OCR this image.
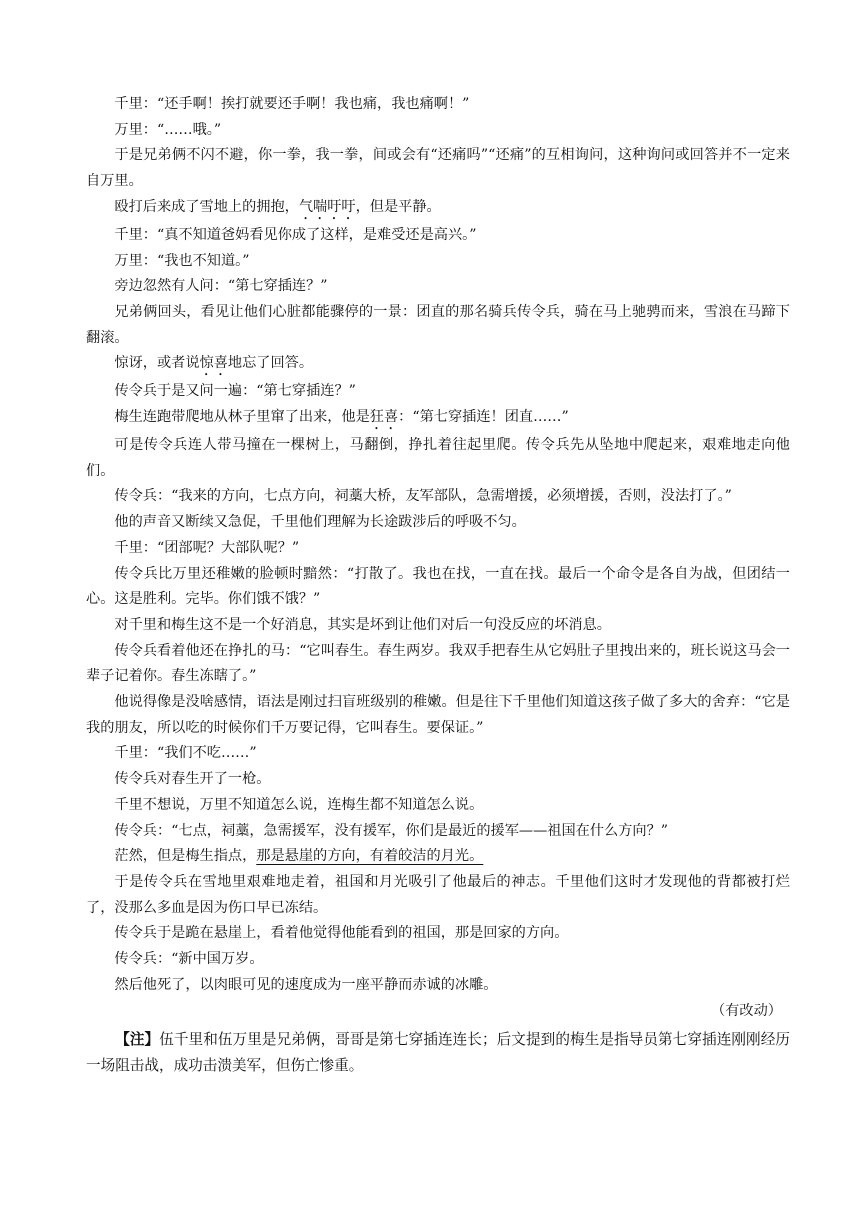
千里：“还手啊！挨打就要还手啊！我也痛，我也痛啊！”

万里：“……哦。”

于是兄弟俩不闪不避，你一拳，我一拳，间或会有“还痛吗”“还痛”的互相询问，这种询问或回答并不一定来自万里。

殴打后来成了雪地上的拥抱，气喘吁吁，但是平静。

千里：“真不知道爸妈看见你成了这样，是难受还是高兴。”

万里：“我也不知道。”

旁边忽然有人问：“第七穿插连？”

兄弟俩回头，看见让他们心脏都能骤停的一景：团直的那名骑兵传令兵，骑在马上驰骋而来，雪浪在马蹄下翻滚。

惊讶，或者说惊喜地忘了回答。

传令兵于是又问一遍：“第七穿插连？”

梅生连跑带爬地从林子里窜了出来，他是狂喜：“第七穿插连！团直……”

可是传令兵连人带马撞在一棵树上，马翻倒，挣扎着往起里爬。传令兵先从坠地中爬起来，艰难地走向他们。

传令兵：“我来的方向，七点方向，祠藁大桥，友军部队，急需增援，必须增援，否则，没法打了。”

他的声音又断续又急促，千里他们理解为长途跋涉后的呼吸不匀。

千里：“团部呢？大部队呢？”

传令兵比万里还稚嫩的脸顿时黯然：“打散了。我也在找，一直在找。最后一个命令是各自为战，但团结一心。这是胜利。完毕。你们饿不饿？”

对千里和梅生这不是一个好消息，其实是坏到让他们对后一句没反应的坏消息。

传令兵看着他还在挣扎的马：“它叫春生。春生两岁。我双手把春生从它妈肚子里拽出来的，班长说这马会一辈子记着你。春生冻瞎了。”

他说得像是没啥感情，语法是刚过扫盲班级别的稚嫩。但是往下千里他们知道这孩子做了多大的舍弃：“它是我的朋友，所以吃的时候你们千万要记得，它叫春生。要保证。”

千里：“我们不吃……”

传令兵对春生开了一枪。

千里不想说，万里不知道怎么说，连梅生都不知道怎么说。

传令兵：“七点，祠藁，急需援军，没有援军，你们是最近的援军——祖国在什么方向？”

茫然，但是梅生指点，那是悬崖的方向，有着皎洁的月光。

于是传令兵在雪地里艰难地走着，祖国和月光吸引了他最后的神志。千里他们这时才发现他的背都被打烂了，没那么多血是因为伤口早已冻结。

传令兵于是跪在悬崖上，看着他觉得他能看到的祖国，那是回家的方向。

传令兵：“新中国万岁。

然后他死了，以肉眼可见的速度成为一座平静而赤诚的冰雕。

（有改动）

【注】伍千里和伍万里是兄弟俩，哥哥是第七穿插连连长；后文提到的梅生是指导员第七穿插连刚刚经历一场阻击战，成功击溃美军，但伤亡惨重。
